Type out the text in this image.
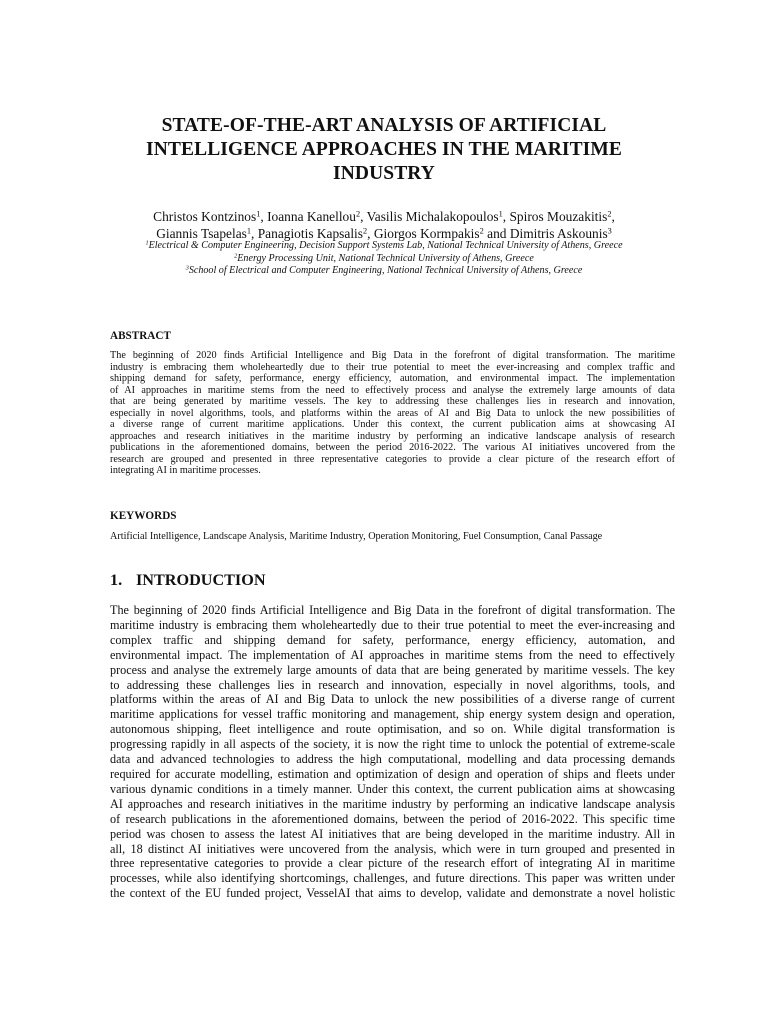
STATE-OF-THE-ART ANALYSIS OF ARTIFICIAL
INTELLIGENCE APPROACHES IN THE MARITIME
INDUSTRY
Christos Kontzinos$^1$, Ioanna Kanellou$^2$, Vasilis Michalakopoulos$^1$, Spiros Mouzakitis$^2$,
Giannis Tsapelas$^1$, Panagiotis Kapsalis$^2$, Giorgos Kormpakis$^2$ and Dimitris Askounis$^3$
$^1$Electrical & Computer Engineering, Decision Support Systems Lab, National Technical University of Athens, Greece
$^2$Energy Processing Unit, National Technical University of Athens, Greece
$^3$School of Electrical and Computer Engineering, National Technical University of Athens, Greece
ABSTRACT
The beginning of 2020 finds Artificial Intelligence and Big Data in the forefront of digital transformation. The maritime
industry is embracing them wholeheartedly due to their true potential to meet the ever-increasing and complex traffic and
shipping demand for safety, performance, energy efficiency, automation, and environmental impact. The implementation
of AI approaches in maritime stems from the need to effectively process and analyse the extremely large amounts of data
that are being generated by maritime vessels. The key to addressing these challenges lies in research and innovation,
especially in novel algorithms, tools, and platforms within the areas of AI and Big Data to unlock the new possibilities of
a diverse range of current maritime applications. Under this context, the current publication aims at showcasing AI
approaches and research initiatives in the maritime industry by performing an indicative landscape analysis of research
publications in the aforementioned domains, between the period 2016-2022. The various AI initiatives uncovered from the
research are grouped and presented in three representative categories to provide a clear picture of the research effort of
integrating AI in maritime processes.
KEYWORDS
Artificial Intelligence, Landscape Analysis, Maritime Industry, Operation Monitoring, Fuel Consumption, Canal Passage
1. INTRODUCTION
The beginning of 2020 finds Artificial Intelligence and Big Data in the forefront of digital transformation. The
maritime industry is embracing them wholeheartedly due to their true potential to meet the ever-increasing and
complex traffic and shipping demand for safety, performance, energy efficiency, automation, and
environmental impact. The implementation of AI approaches in maritime stems from the need to effectively
process and analyse the extremely large amounts of data that are being generated by maritime vessels. The key
to addressing these challenges lies in research and innovation, especially in novel algorithms, tools, and
platforms within the areas of AI and Big Data to unlock the new possibilities of a diverse range of current
maritime applications for vessel traffic monitoring and management, ship energy system design and operation,
autonomous shipping, fleet intelligence and route optimisation, and so on. While digital transformation is
progressing rapidly in all aspects of the society, it is now the right time to unlock the potential of extreme-scale
data and advanced technologies to address the high computational, modelling and data processing demands
required for accurate modelling, estimation and optimization of design and operation of ships and fleets under
various dynamic conditions in a timely manner. Under this context, the current publication aims at showcasing
AI approaches and research initiatives in the maritime industry by performing an indicative landscape analysis
of research publications in the aforementioned domains, between the period of 2016-2022. This specific time
period was chosen to assess the latest AI initiatives that are being developed in the maritime industry. All in
all, 18 distinct AI initiatives were uncovered from the analysis, which were in turn grouped and presented in
three representative categories to provide a clear picture of the research effort of integrating AI in maritime
processes, while also identifying shortcomings, challenges, and future directions. This paper was written under
the context of the EU funded project, VesselAI that aims to develop, validate and demonstrate a novel holistic
